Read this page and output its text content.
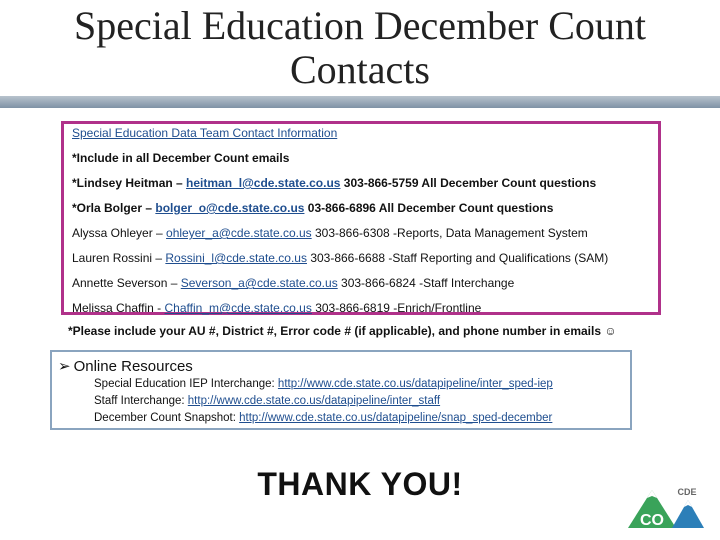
Special Education December Count
Contacts
Special Education Data Team Contact Information
*Include in all December Count emails
*Lindsey Heitman – heitman_l@cde.state.co.us 303-866-5759 All December Count questions
*Orla Bolger – bolger_o@cde.state.co.us 03-866-6896 All December Count questions
Alyssa Ohleyer – ohleyer_a@cde.state.co.us 303-866-6308 -Reports, Data Management System
Lauren Rossini – Rossini_l@cde.state.co.us 303-866-6688 -Staff Reporting and Qualifications (SAM)
Annette Severson – Severson_a@cde.state.co.us 303-866-6824 -Staff Interchange
Melissa Chaffin - Chaffin_m@cde.state.co.us 303-866-6819 -Enrich/Frontline
*Please include your AU #, District #, Error code # (if applicable), and phone number in emails ☺
➢ Online Resources
Special Education IEP Interchange: http://www.cde.state.co.us/datapipeline/inter_sped-iep
Staff Interchange: http://www.cde.state.co.us/datapipeline/inter_staff
December Count Snapshot: http://www.cde.state.co.us/datapipeline/snap_sped-december
THANK YOU!	CDE
CO
